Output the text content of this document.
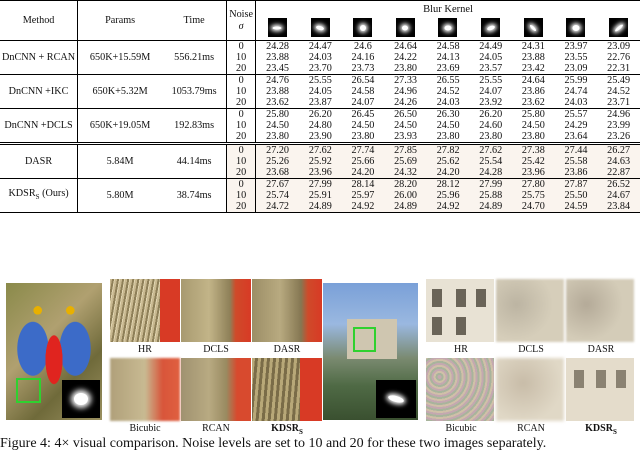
Method	Params	Time	Noise
σ	Blur Kernel								

DnCNN + RCAN	650K+15.59M	556.21ms	0	24.28	24.47	24.6	24.64	24.58	24.49	24.31	23.97	23.09
			10	23.88	24.03	24.16	24.22	24.13	24.05	23.88	23.55	22.76
			20	23.45	23.70	23.73	23.80	23.69	23.57	23.42	23.09	22.31
DnCNN +IKC	650K+5.32M	1053.79ms	0	24.76	25.55	26.54	27.33	26.55	25.55	24.64	25.99	25.49
			10	23.88	24.05	24.58	24.96	24.52	24.07	23.86	24.74	24.52
			20	23.62	23.87	24.07	24.26	24.03	23.92	23.62	24.03	23.71
DnCNN +DCLS	650K+19.05M	192.83ms	0	25.80	26.20	26.45	26.50	26.30	26.20	25.80	25.57	24.96
			10	24.50	24.80	24.50	24.50	24.50	24.60	24.50	24.29	23.99
			20	23.80	23.90	23.80	23.93	23.80	23.80	23.80	23.64	23.26
DASR	5.84M	44.14ms	0	27.20	27.62	27.74	27.85	27.82	27.62	27.38	27.44	26.27
			10	25.26	25.92	25.66	25.69	25.62	25.54	25.42	25.58	24.63
			20	23.68	23.96	24.20	24.32	24.20	24.28	23.96	23.86	22.87
$KDSR_S$ (Ours)	5.80M	38.74ms	0	27.67	27.99	28.14	28.20	28.12	27.99	27.80	27.87	26.52
			10	25.74	25.91	25.97	26.00	25.96	25.88	25.75	25.50	24.67
			20	24.72	24.89	24.92	24.89	24.92	24.89	24.70	24.59	23.84
HR	DCLS	DASR
Bicubic	RCAN	$KDSR_S$
HR	DCLS	DASR
Bicubic	RCAN	$KDSR_S$
Figure 4: 4× visual comparison. Noise levels are set to 10 and 20 for these two images separately.
